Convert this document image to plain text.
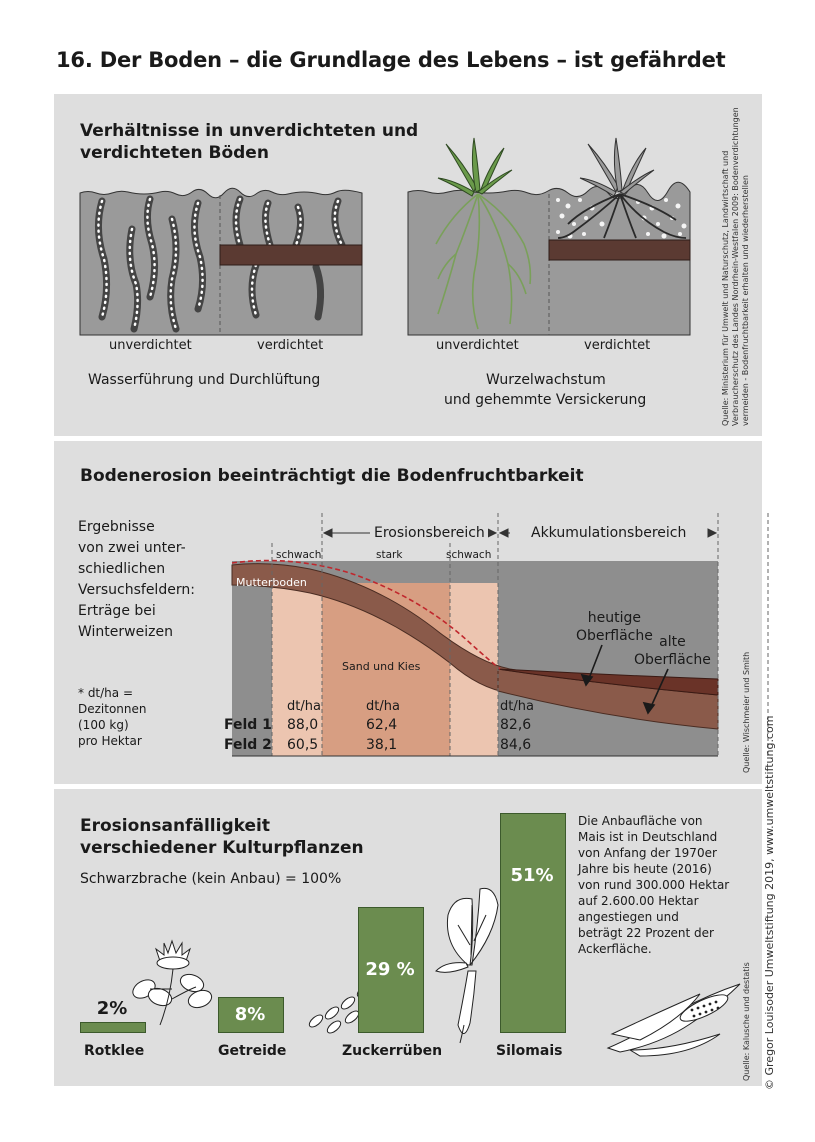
16. Der Boden – die Grundlage des Lebens – ist gefährdet
Verhältnisse in unverdichteten und
verdichteten Böden
unverdichtet	verdichtet
Wasserführung und Durchlüftung
unverdichtet	verdichtet
Wurzelwachstum
und gehemmte Versickerung	Quelle: Ministerium für Umwelt und Naturschutz, Landwirtschaft und Verbraucherschutz des Landes Nordrhein-Westfalen 2009: Bodenverdichtungen vermeiden - Bodenfruchtbarkeit erhalten und wiederherstellen
Bodenerosion beeinträchtigt die Bodenfruchtbarkeit
Ergebnisse
von zwei unter-
schiedlichen
Versuchsfeldern:
Erträge bei
Winterweizen
* dt/ha =
Dezitonnen
(100 kg)
pro Hektar
Erosionsbereich	Akkumulationsbereich
schwach	stark	schwach
Mutterboden
Sand und Kies
heutige
Oberfläche alte
Oberfläche
dt/ha	dt/ha	dt/ha
Feld 1 88,0	62,4	82,6
Feld 2 60,5	38,1	84,6	Quelle: Wischmeier und Smith
Erosionsanfälligkeit
verschiedener Kulturpflanzen
Schwarzbrache (kein Anbau) = 100%
Die Anbaufläche von
Mais ist in Deutschland
von Anfang der 1970er
Jahre bis heute (2016)
von rund 300.000 Hektar
auf 2.600.00 Hektar
angestiegen und
beträgt 22 Prozent der
Ackerfläche.
2%
Rotklee
8%
Getreide
29 %
Zuckerrüben
51%
Silomais	Quelle: Kalusche und destatis © Gregor Louisoder Umweltstiftung 2019, www.umweltstiftung.com
